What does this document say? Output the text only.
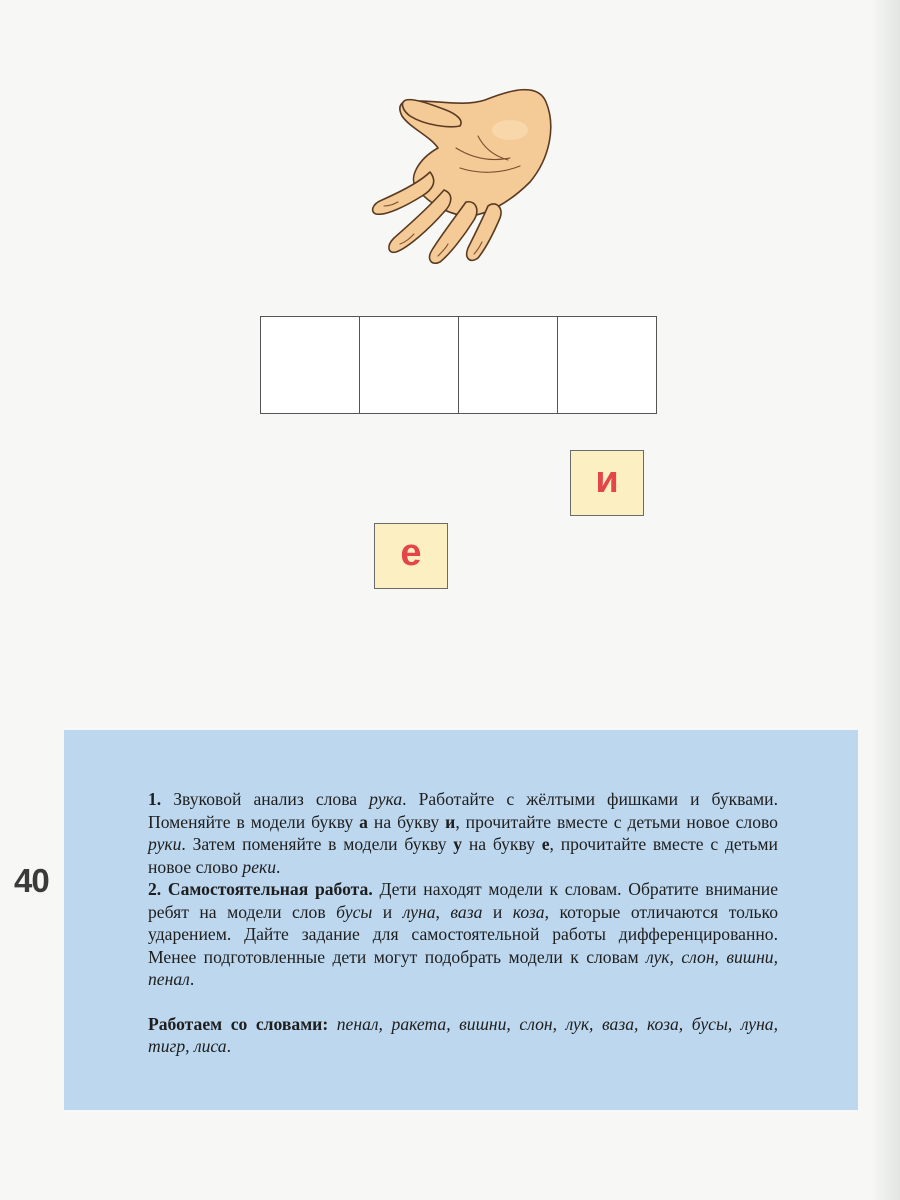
и
е
40

1. Звуковой анализ слова рука. Работайте с жёлтыми фишками и буквами. Поменяйте в модели букву а на букву и, прочитайте вместе с детьми новое слово руки. Затем поменяйте в модели букву у на букву е, прочитайте вместе с детьми новое слово реки.

2. Самостоятельная работа. Дети находят модели к словам. Обратите внимание ребят на модели слов бусы и луна, ваза и коза, которые отличаются только ударением. Дайте задание для самостоятельной работы дифференцированно. Менее подготовленные дети могут подобрать модели к словам лук, слон, вишни, пенал.

Работаем со словами: пенал, ракета, вишни, слон, лук, ваза, коза, бусы, луна, тигр, лиса.
